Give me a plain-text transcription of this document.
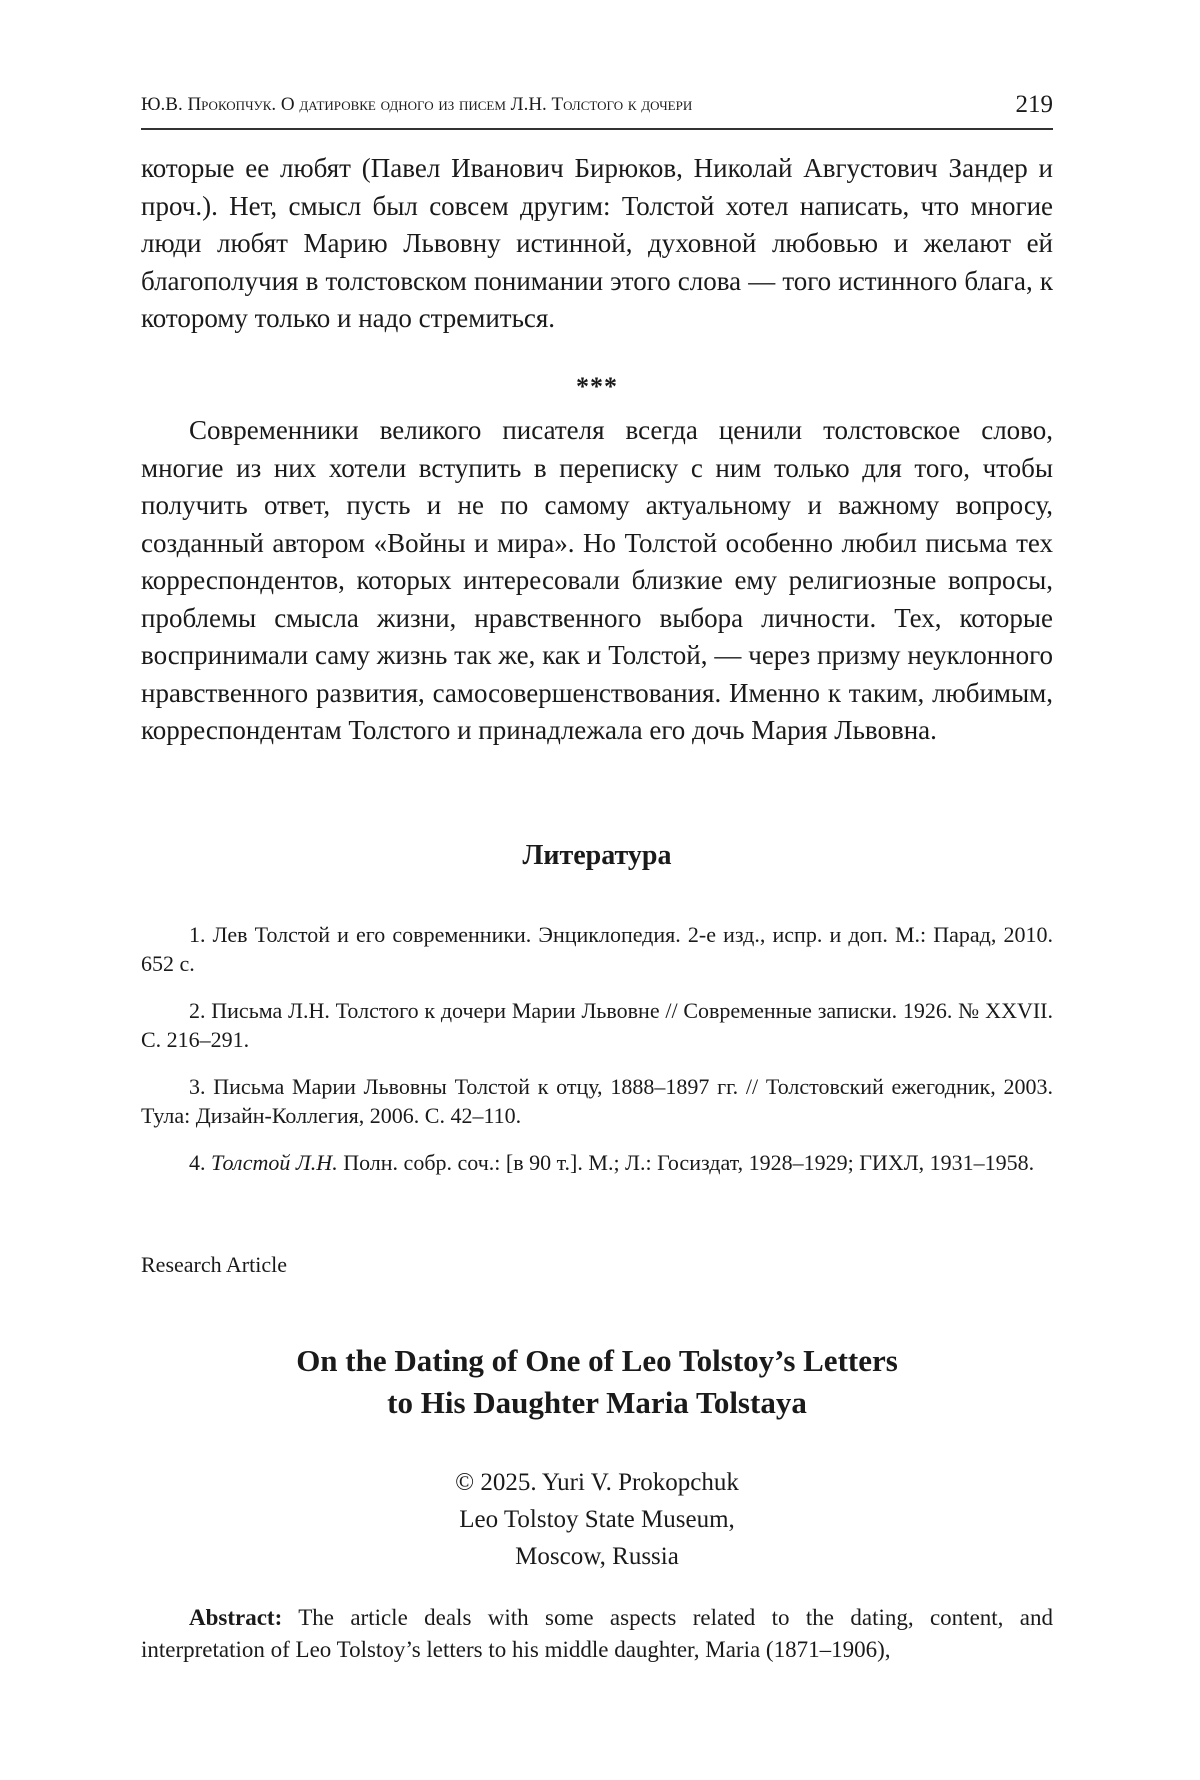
Ю.В. Прокопчук. О датировке одного из писем Л.Н. Толстого к дочери	219

которые ее любят (Павел Иванович Бирюков, Николай Августович Зандер и проч.). Нет, смысл был совсем другим: Толстой хотел написать, что многие люди любят Марию Львовну истинной, духовной любовью и желают ей благополучия в толстовском понимании этого слова — того истинного блага, к которому только и надо стремиться.

***

Современники великого писателя всегда ценили толстовское слово, многие из них хотели вступить в переписку с ним только для того, чтобы получить ответ, пусть и не по самому актуальному и важному вопросу, созданный автором «Войны и мира». Но Толстой особенно любил письма тех корреспондентов, которых интересовали близкие ему религиозные вопросы, проблемы смысла жизни, нравственного выбора личности. Тех, которые воспринимали саму жизнь так же, как и Толстой, — через призму неуклонного нравственного развития, самосовершенствования. Именно к таким, любимым, корреспондентам Толстого и принадлежала его дочь Мария Львовна.

Литература

1. Лев Толстой и его современники. Энциклопедия. 2-е изд., испр. и доп. М.: Парад, 2010. 652 с.

2. Письма Л.Н. Толстого к дочери Марии Львовне // Современные записки. 1926. № XXVII. С. 216–291.

3. Письма Марии Львовны Толстой к отцу, 1888–1897 гг. // Толстовский ежегодник, 2003. Тула: Дизайн-Коллегия, 2006. С. 42–110.

4. Толстой Л.Н. Полн. собр. соч.: [в 90 т.]. М.; Л.: Госиздат, 1928–1929; ГИХЛ, 1931–1958.

Research Article
On the Dating of One of Leo Tolstoy’s Letters
to His Daughter Maria Tolstaya
© 2025. Yuri V. Prokopchuk
Leo Tolstoy State Museum,
Moscow, Russia

Abstract: The article deals with some aspects related to the dating, content, and interpretation of Leo Tolstoy’s letters to his middle daughter, Maria (1871–1906),
